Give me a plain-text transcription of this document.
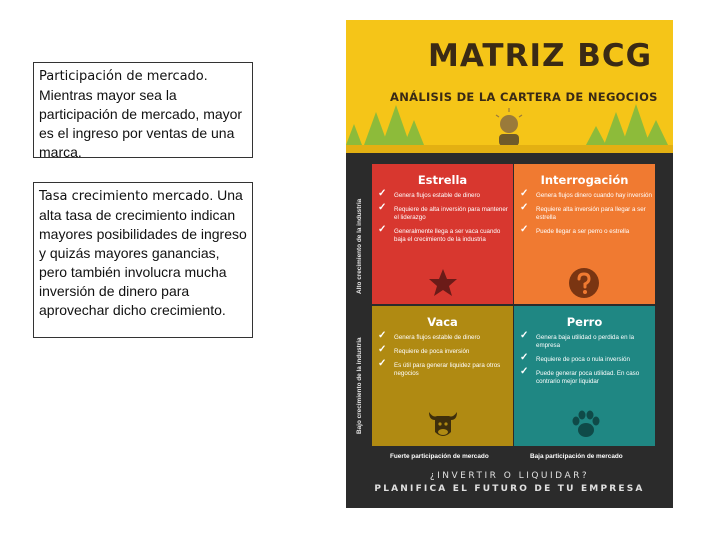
Participación de mercado. Mientras mayor sea la participación de mercado, mayor es el ingreso por ventas de una marca.
Tasa crecimiento mercado. Una alta tasa de crecimiento indican mayores posibilidades de ingreso y quizás mayores ganancias, pero también involucra mucha inversión de dinero para aprovechar dicho crecimiento.
MATRIZ BCG
ANÁLISIS DE LA CARTERA DE NEGOCIOS
Alto crecimiento de la industria
Bajo crecimiento de la industria
Estrella
✓ Genera flujos estable de dinero
✓ Requiere de alta inversión para mantener el liderazgo
✓ Generalmente llega a ser vaca cuando baja el crecimiento de la industria
Interrogación
✓ Genera flujos dinero cuando hay inversión
✓ Requiere alta inversión para llegar a ser estrella
✓ Puede llegar a ser perro o estrella
Vaca
✓ Genera flujos estable de dinero
✓ Requiere de poca inversión
✓ Es útil para generar liquidez para otros negocios
Perro
✓ Genera baja utilidad o perdida en la empresa
✓ Requiere de poca o nula inversión
✓ Puede generar poca utilidad. En caso contrario mejor liquidar
Fuerte participación de mercado	Baja participación de mercado
¿INVERTIR O LIQUIDAR?
PLANIFICA EL FUTURO DE TU EMPRESA
